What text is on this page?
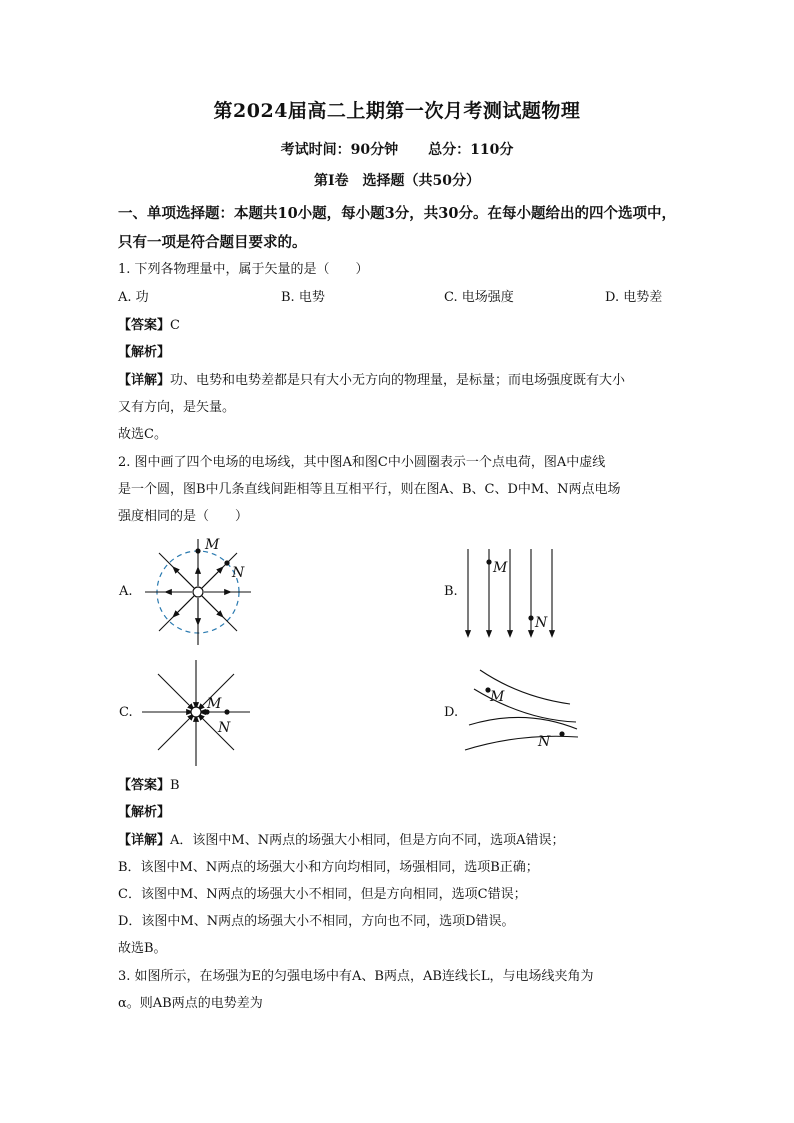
第2024届高二上期第一次月考测试题物理
考试时间：90分钟 总分：110分
第I卷　选择题（共50分）
一、单项选择题：本题共10小题，每小题3分，共30分。在每小题给出的四个选项中，只有一项是符合题目要求的。
1. 下列各物理量中，属于矢量的是（　　）
A. 功	B. 电势	C. 电场强度	D. 电势差
【答案】C
【解析】
【详解】功、电势和电势差都是只有大小无方向的物理量，是标量；而电场强度既有大小
又有方向，是矢量。
故选C。
2. 图中画了四个电场的电场线，其中图A和图C中小圆圈表示一个点电荷，图A中虚线
是一个圆，图B中几条直线间距相等且互相平行，则在图A、B、C、D中M、N两点电场
强度相同的是（　　）
A.	B.
C.	D.
M
N	M
N
M
N
M
N
【答案】B
【解析】
【详解】A．该图中M、N两点的场强大小相同，但是方向不同，选项A错误；
B．该图中M、N两点的场强大小和方向均相同，场强相同，选项B正确；
C．该图中M、N两点的场强大小不相同，但是方向相同，选项C错误；
D．该图中M、N两点的场强大小不相同，方向也不同，选项D错误。
故选B。
3. 如图所示，在场强为E的匀强电场中有A、B两点，AB连线长L，与电场线夹角为
α。则AB两点的电势差为
